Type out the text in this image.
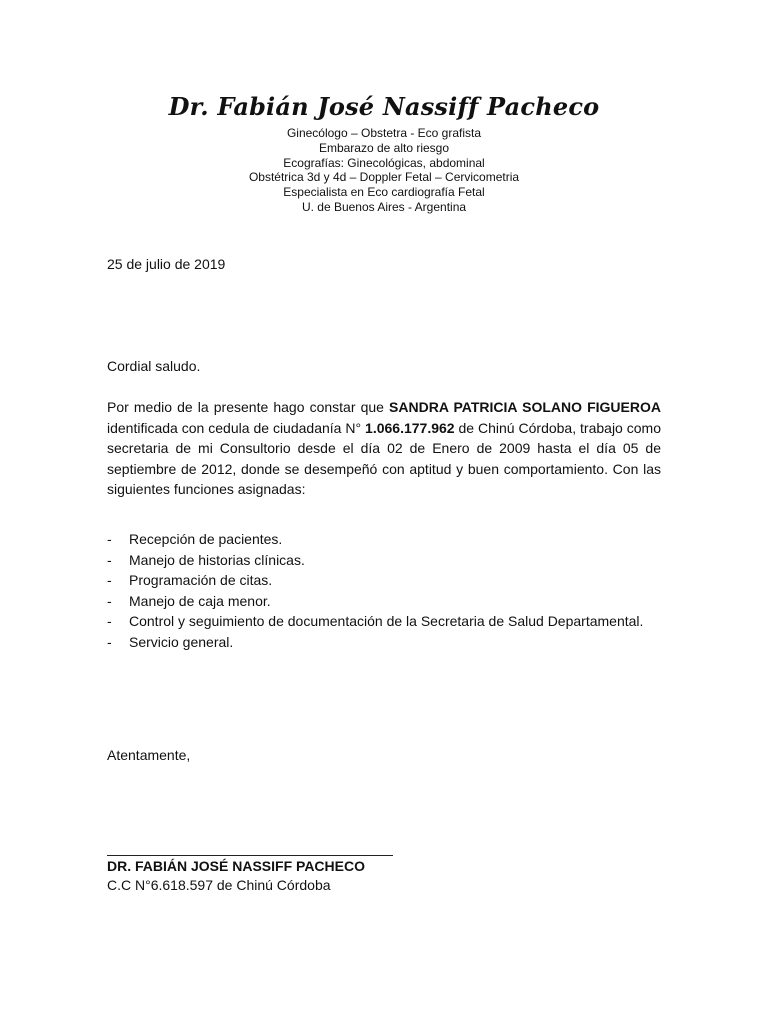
Dr. Fabián José Nassiff Pacheco

Ginecólogo – Obstetra - Eco grafista

Embarazo de alto riesgo

Ecografías: Ginecológicas, abdominal

Obstétrica 3d y 4d – Doppler Fetal – Cervicometria

Especialista en Eco cardiografía Fetal

U. de Buenos Aires - Argentina

25 de julio de 2019
Cordial saludo.
Por medio de la presente hago constar que SANDRA PATRICIA SOLANO FIGUEROA identificada con cedula de ciudadanía N° 1.066.177.962 de Chinú Córdoba, trabajo como secretaria de mi Consultorio desde el día 02 de Enero de 2009 hasta el día 05 de septiembre de 2012, donde se desempeñó con aptitud y buen comportamiento. Con las siguientes funciones asignadas:
- Recepción de pacientes.
- Manejo de historias clínicas.
- Programación de citas.
- Manejo de caja menor.
- Control y seguimiento de documentación de la Secretaria de Salud Departamental.
- Servicio general.
Atentamente,
DR. FABIÁN JOSÉ NASSIFF PACHECO
C.C N°6.618.597 de Chinú Córdoba
